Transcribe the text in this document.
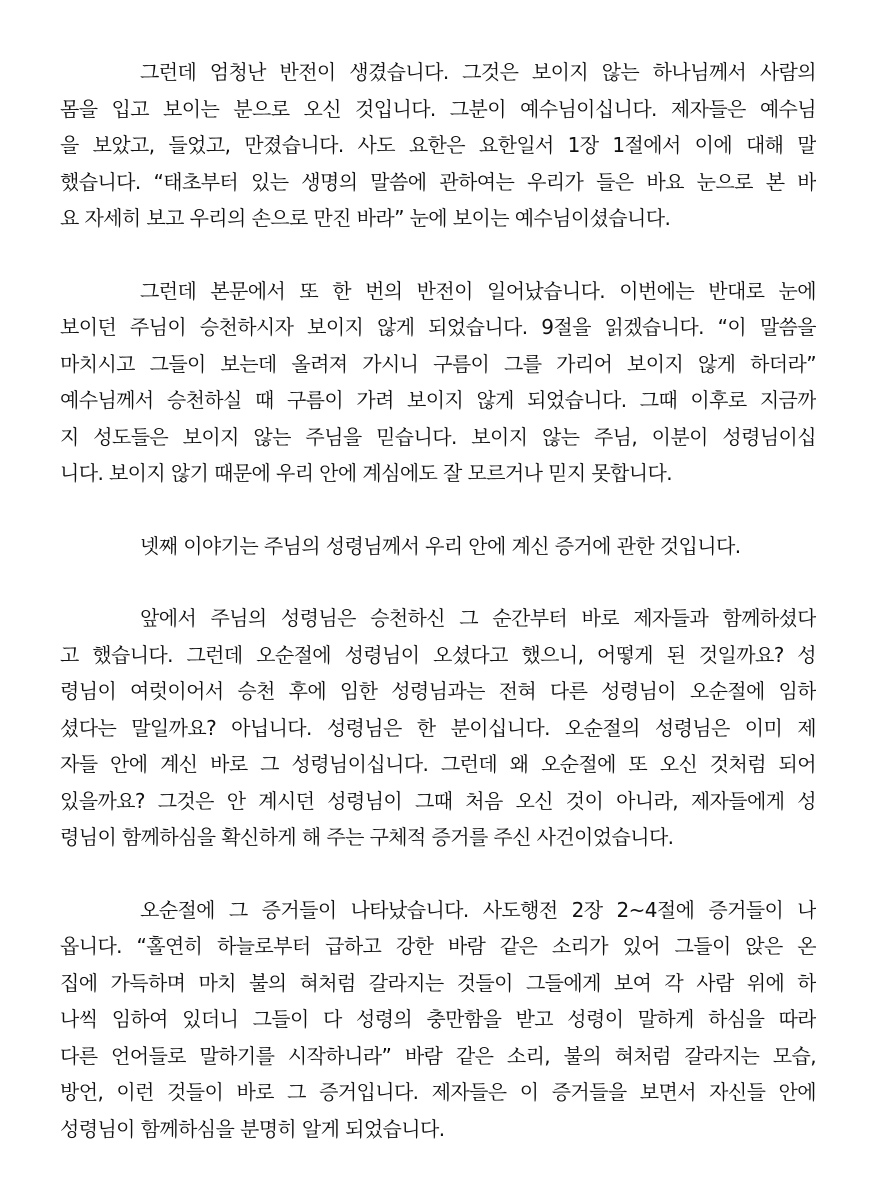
그런데 엄청난 반전이 생겼습니다. 그것은 보이지 않는 하나님께서 사람의
몸을 입고 보이는 분으로 오신 것입니다. 그분이 예수님이십니다. 제자들은 예수님
을 보았고, 들었고, 만졌습니다. 사도 요한은 요한일서 1장 1절에서 이에 대해 말
했습니다. “태초부터 있는 생명의 말씀에 관하여는 우리가 들은 바요 눈으로 본 바
요 자세히 보고 우리의 손으로 만진 바라” 눈에 보이는 예수님이셨습니다.

그런데 본문에서 또 한 번의 반전이 일어났습니다. 이번에는 반대로 눈에
보이던 주님이 승천하시자 보이지 않게 되었습니다. 9절을 읽겠습니다. “이 말씀을
마치시고 그들이 보는데 올려져 가시니 구름이 그를 가리어 보이지 않게 하더라”
예수님께서 승천하실 때 구름이 가려 보이지 않게 되었습니다. 그때 이후로 지금까
지 성도들은 보이지 않는 주님을 믿습니다. 보이지 않는 주님, 이분이 성령님이십
니다. 보이지 않기 때문에 우리 안에 계심에도 잘 모르거나 믿지 못합니다.

넷째 이야기는 주님의 성령님께서 우리 안에 계신 증거에 관한 것입니다.

앞에서 주님의 성령님은 승천하신 그 순간부터 바로 제자들과 함께하셨다
고 했습니다. 그런데 오순절에 성령님이 오셨다고 했으니, 어떻게 된 것일까요? 성
령님이 여럿이어서 승천 후에 임한 성령님과는 전혀 다른 성령님이 오순절에 임하
셨다는 말일까요? 아닙니다. 성령님은 한 분이십니다. 오순절의 성령님은 이미 제
자들 안에 계신 바로 그 성령님이십니다. 그런데 왜 오순절에 또 오신 것처럼 되어
있을까요? 그것은 안 계시던 성령님이 그때 처음 오신 것이 아니라, 제자들에게 성
령님이 함께하심을 확신하게 해 주는 구체적 증거를 주신 사건이었습니다.

오순절에 그 증거들이 나타났습니다. 사도행전 2장 2~4절에 증거들이 나
옵니다. “홀연히 하늘로부터 급하고 강한 바람 같은 소리가 있어 그들이 앉은 온
집에 가득하며 마치 불의 혀처럼 갈라지는 것들이 그들에게 보여 각 사람 위에 하
나씩 임하여 있더니 그들이 다 성령의 충만함을 받고 성령이 말하게 하심을 따라
다른 언어들로 말하기를 시작하니라” 바람 같은 소리, 불의 혀처럼 갈라지는 모습,
방언, 이런 것들이 바로 그 증거입니다. 제자들은 이 증거들을 보면서 자신들 안에
성령님이 함께하심을 분명히 알게 되었습니다.
